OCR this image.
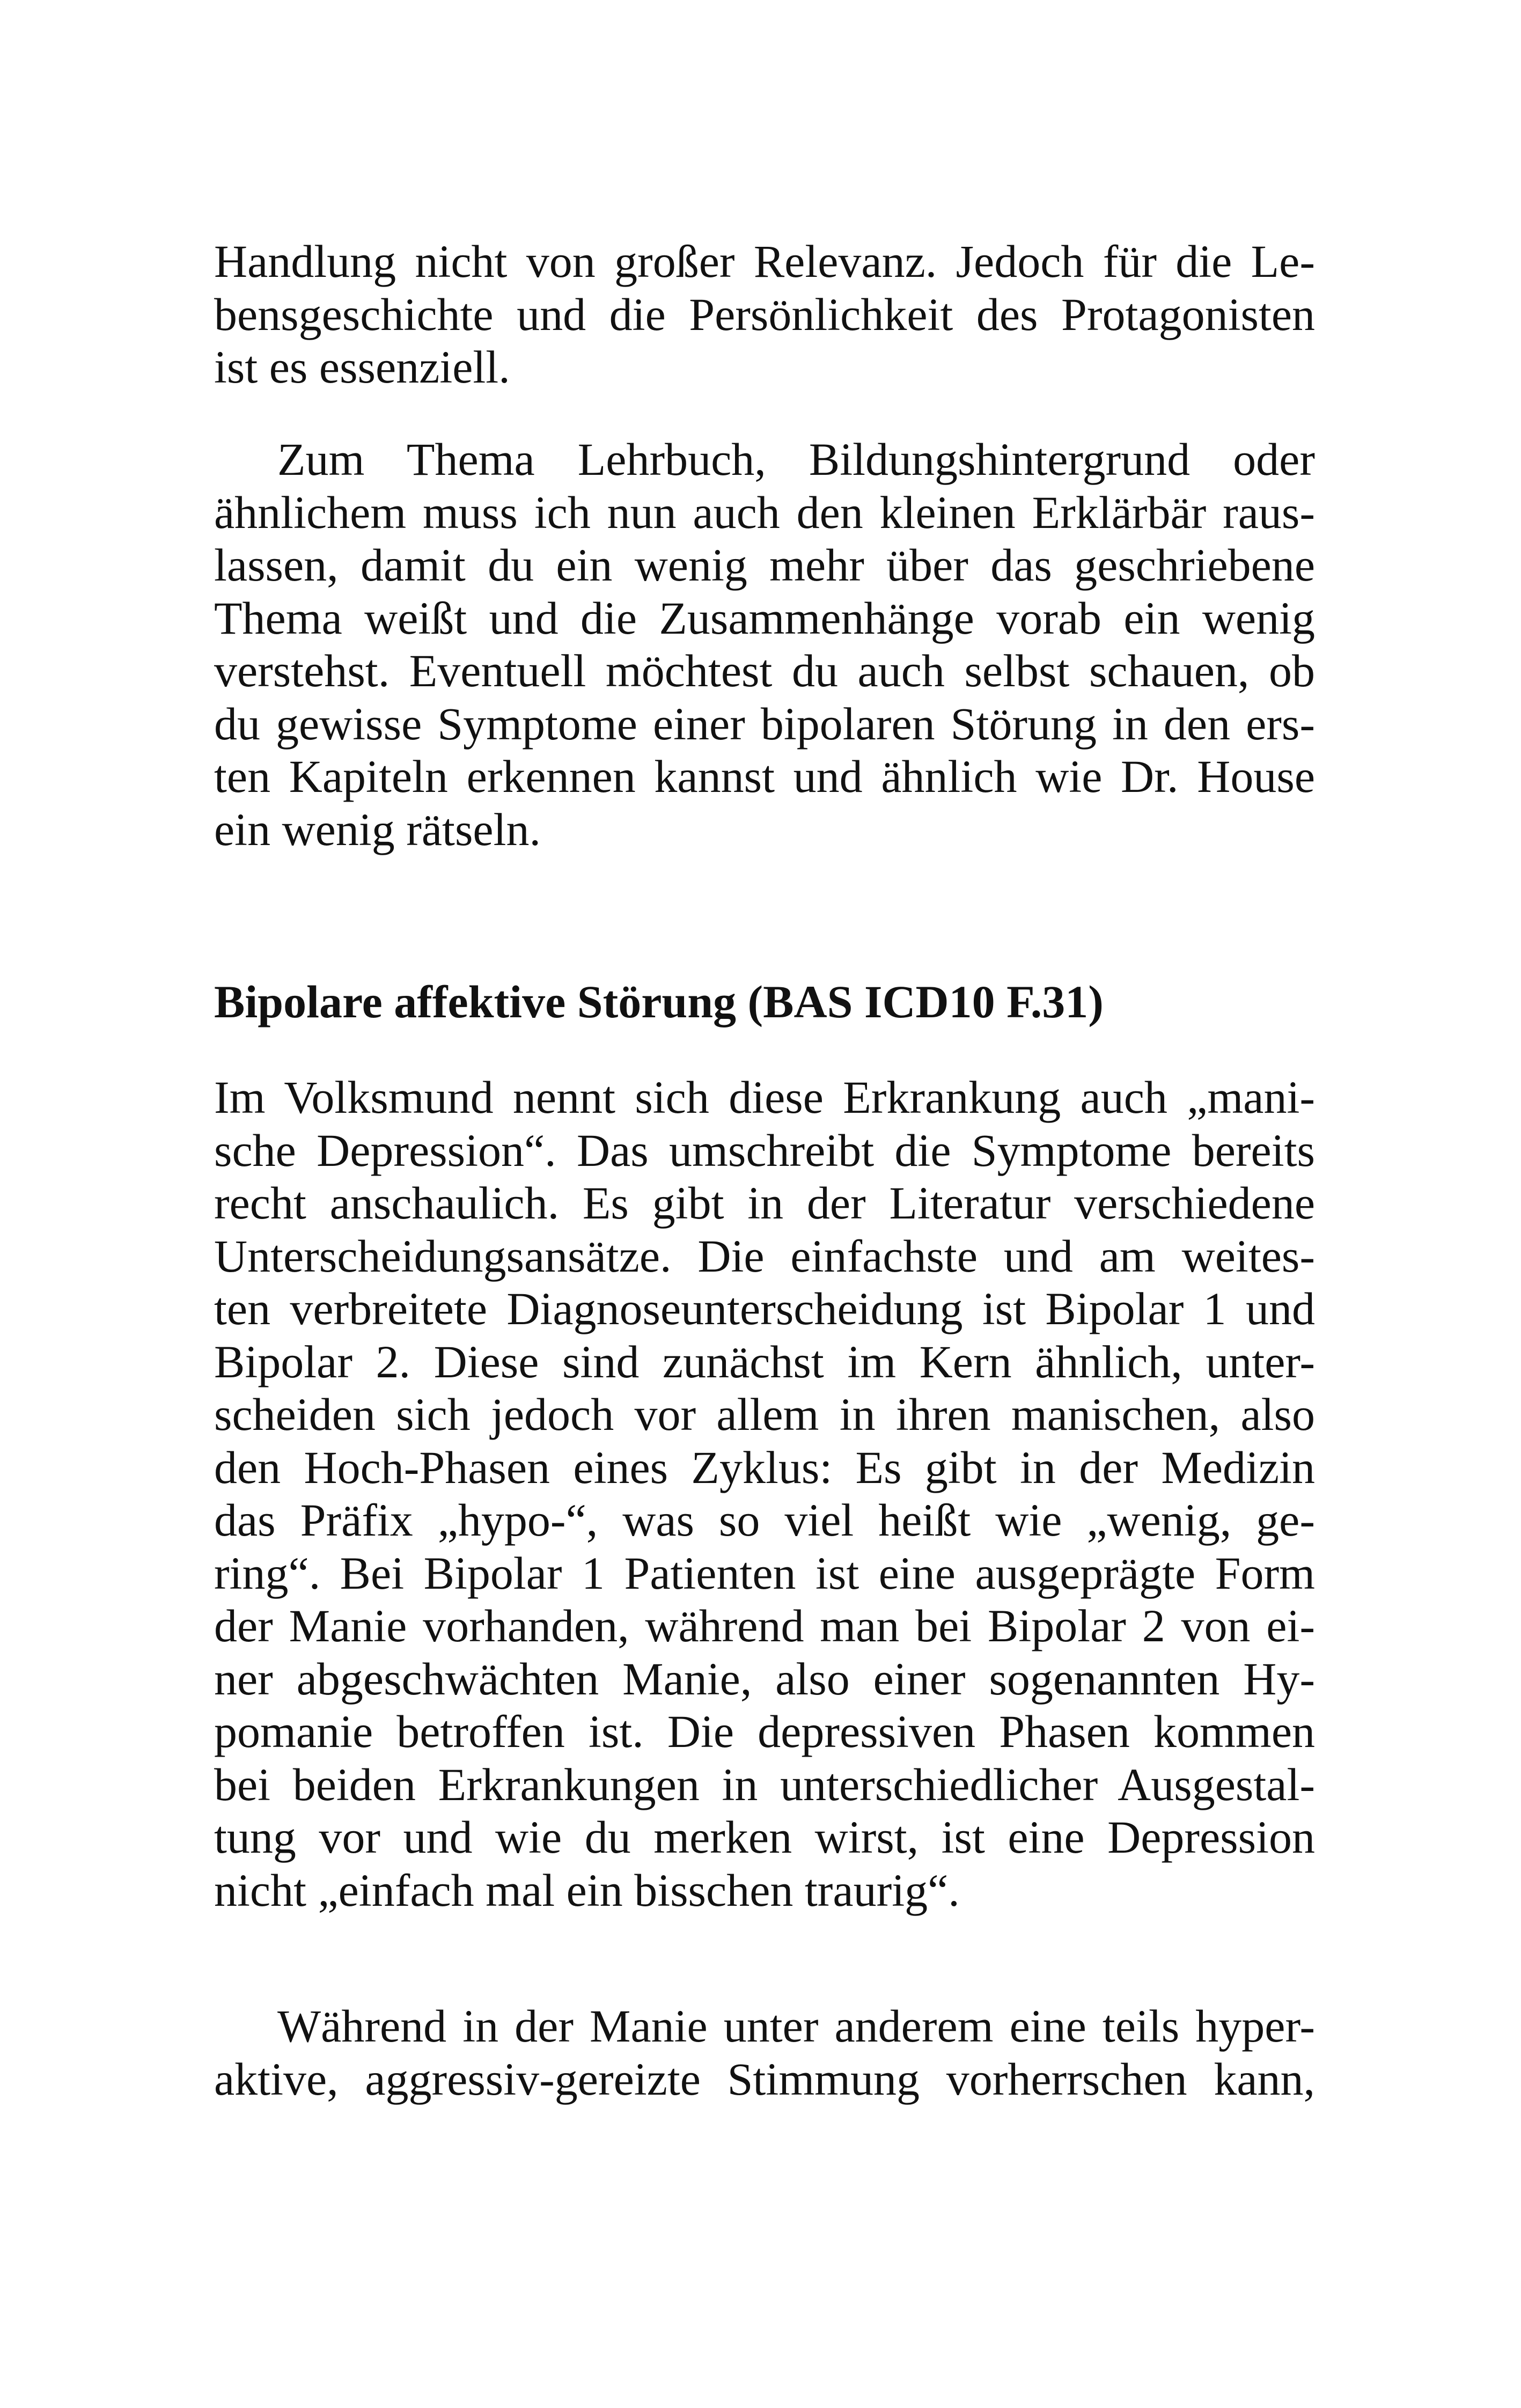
Handlung nicht von großer Relevanz. Jedoch für die Le-
bensgeschichte und die Persönlichkeit des Protagonisten
ist es essenziell.
Zum Thema Lehrbuch, Bildungshintergrund oder
ähnlichem muss ich nun auch den kleinen Erklärbär raus-
lassen, damit du ein wenig mehr über das geschriebene
Thema weißt und die Zusammenhänge vorab ein wenig
verstehst. Eventuell möchtest du auch selbst schauen, ob
du gewisse Symptome einer bipolaren Störung in den ers-
ten Kapiteln erkennen kannst und ähnlich wie Dr. House
ein wenig rätseln.
Bipolare affektive Störung (BAS ICD10 F.31)
Im Volksmund nennt sich diese Erkrankung auch „mani-
sche Depression“. Das umschreibt die Symptome bereits
recht anschaulich. Es gibt in der Literatur verschiedene
Unterscheidungsansätze. Die einfachste und am weites-
ten verbreitete Diagnoseunterscheidung ist Bipolar 1 und
Bipolar 2. Diese sind zunächst im Kern ähnlich, unter-
scheiden sich jedoch vor allem in ihren manischen, also
den Hoch-Phasen eines Zyklus: Es gibt in der Medizin
das Präfix „hypo-“, was so viel heißt wie „wenig, ge-
ring“. Bei Bipolar 1 Patienten ist eine ausgeprägte Form
der Manie vorhanden, während man bei Bipolar 2 von ei-
ner abgeschwächten Manie, also einer sogenannten Hy-
pomanie betroffen ist. Die depressiven Phasen kommen
bei beiden Erkrankungen in unterschiedlicher Ausgestal-
tung vor und wie du merken wirst, ist eine Depression
nicht „einfach mal ein bisschen traurig“.
Während in der Manie unter anderem eine teils hyper-
aktive, aggressiv-gereizte Stimmung vorherrschen kann,
